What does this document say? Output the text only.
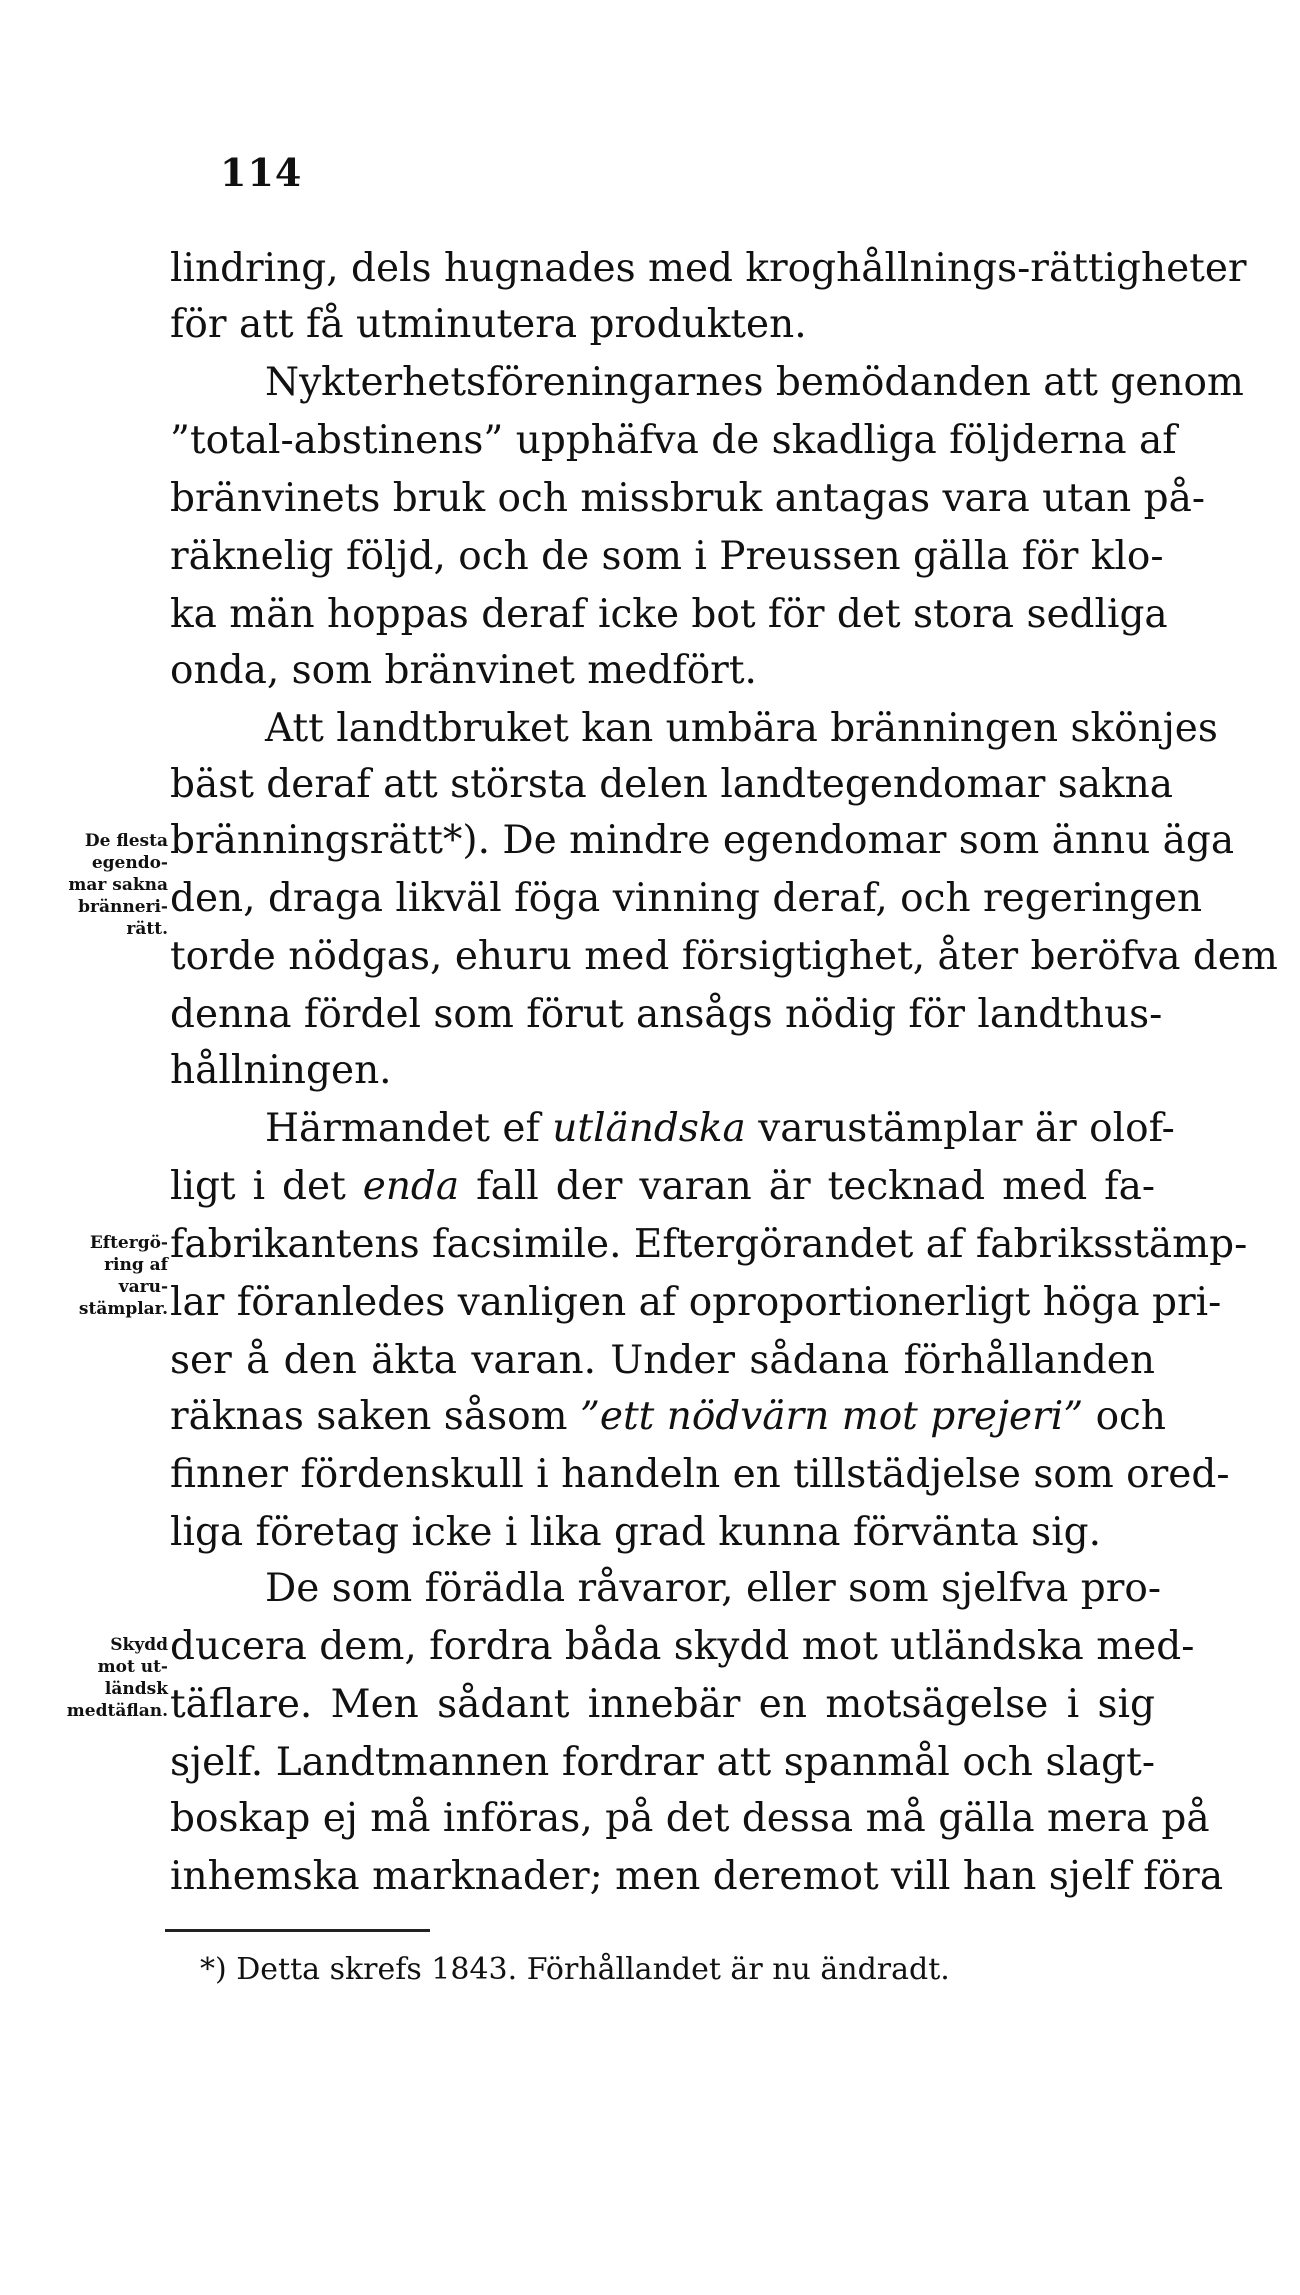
114
lindring, dels hugnades med kroghållnings-rättigheter
för att få utminutera produkten.
Nykterhetsföreningarnes bemödanden att genom
”total-abstinens” upphäfva de skadliga följderna af
bränvinets bruk och missbruk antagas vara utan på-
räknelig följd, och de som i Preussen gälla för klo-
ka män hoppas deraf icke bot för det stora sedliga
onda, som bränvinet medfört.
Att landtbruket kan umbära bränningen skönjes
bäst deraf att största delen landtegendomar sakna
bränningsrätt*). De mindre egendomar som ännu äga
den, draga likväl föga vinning deraf, och regeringen
torde nödgas, ehuru med försigtighet, åter beröfva dem
denna fördel som förut ansågs nödig för landthus-
hållningen.
Härmandet ef utländska varustämplar är olof-
ligt i det enda fall der varan är tecknad med fa-
fabrikantens facsimile. Eftergörandet af fabriksstämp-
lar föranledes vanligen af oproportionerligt höga pri-
ser å den äkta varan. Under sådana förhållanden
räknas saken såsom ”ett nödvärn mot prejeri” och
finner fördenskull i handeln en tillstädjelse som ored-
liga företag icke i lika grad kunna förvänta sig.
De som förädla råvaror, eller som sjelfva pro-
ducera dem, fordra båda skydd mot utländska med-
täflare. Men sådant innebär en motsägelse i sig
sjelf. Landtmannen fordrar att spanmål och slagt-
boskap ej må införas, på det dessa må gälla mera på
inhemska marknader; men deremot vill han sjelf föra
De flesta
egendo-
mar sakna
bränneri-
rätt.
Eftergö-
ring af
varu-
stämplar.
Skydd
mot ut-
ländsk
medtäflan.
*) Detta skrefs 1843. Förhållandet är nu ändradt.
